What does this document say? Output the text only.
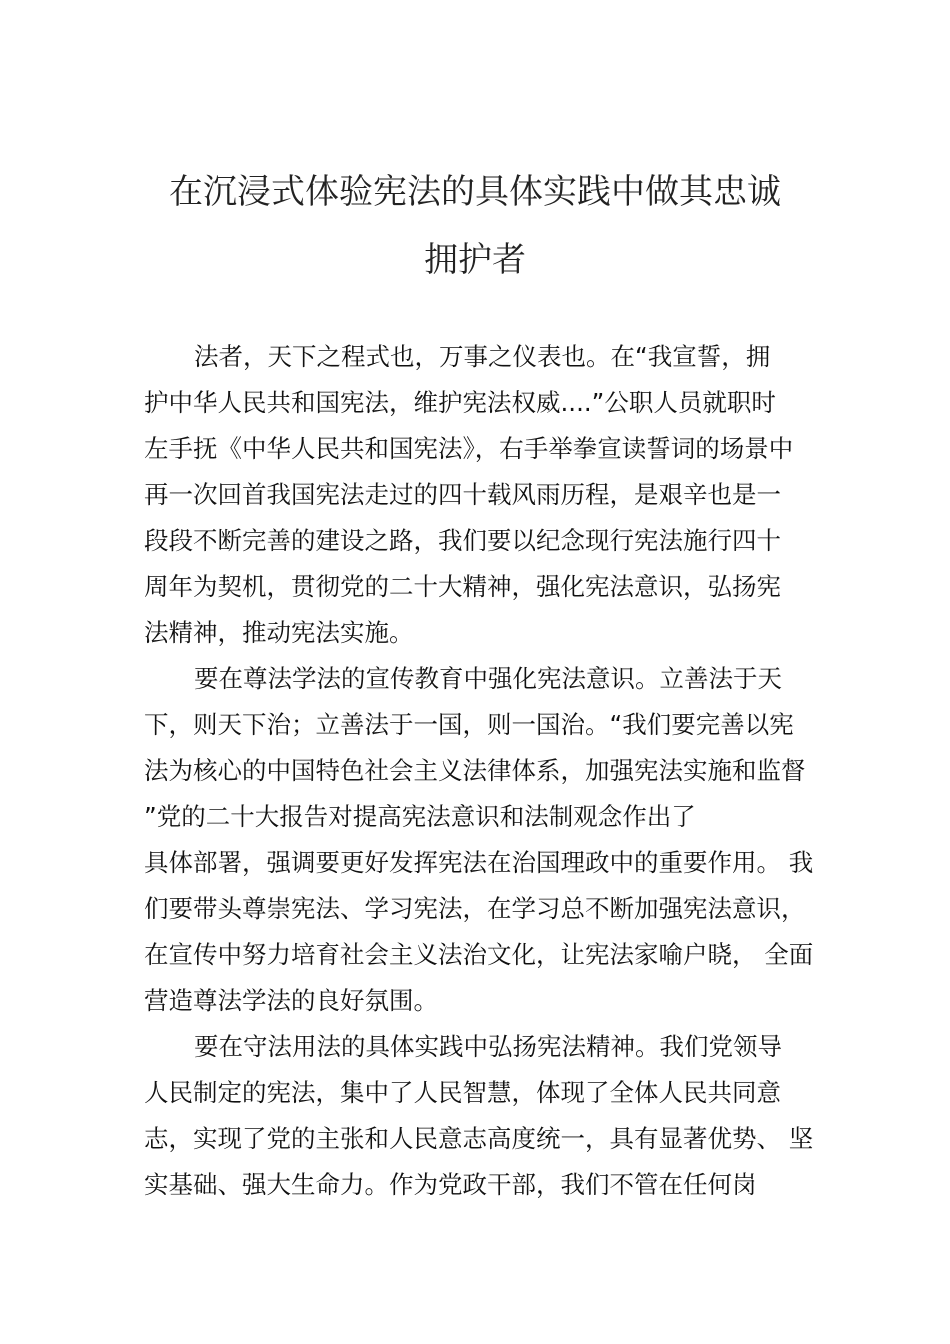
在沉浸式体验宪法的具体实践中做其忠诚
拥护者
法者，天下之程式也，万事之仪表也。在“我宣誓，拥
护中华人民共和国宪法，维护宪法权威....”公职人员就职时
左手抚《中华人民共和国宪法》，右手举拳宣读誓词的场景中
再一次回首我国宪法走过的四十载风雨历程，是艰辛也是一
段段不断完善的建设之路，我们要以纪念现行宪法施行四十
周年为契机，贯彻党的二十大精神，强化宪法意识，弘扬宪
法精神，推动宪法实施。
要在尊法学法的宣传教育中强化宪法意识。立善法于天
下，则天下治；立善法于一国，则一国治。“我们要完善以宪
法为核心的中国特色社会主义法律体系，加强宪法实施和监督
”党的二十大报告对提高宪法意识和法制观念作出了
具体部署，强调要更好发挥宪法在治国理政中的重要作用。 我
们要带头尊崇宪法、学习宪法，在学习总不断加强宪法意识，
在宣传中努力培育社会主义法治文化，让宪法家喻户晓， 全面
营造尊法学法的良好氛围。
要在守法用法的具体实践中弘扬宪法精神。我们党领导
人民制定的宪法，集中了人民智慧，体现了全体人民共同意
志，实现了党的主张和人民意志高度统一，具有显著优势、 坚
实基础、强大生命力。作为党政干部，我们不管在任何岗
